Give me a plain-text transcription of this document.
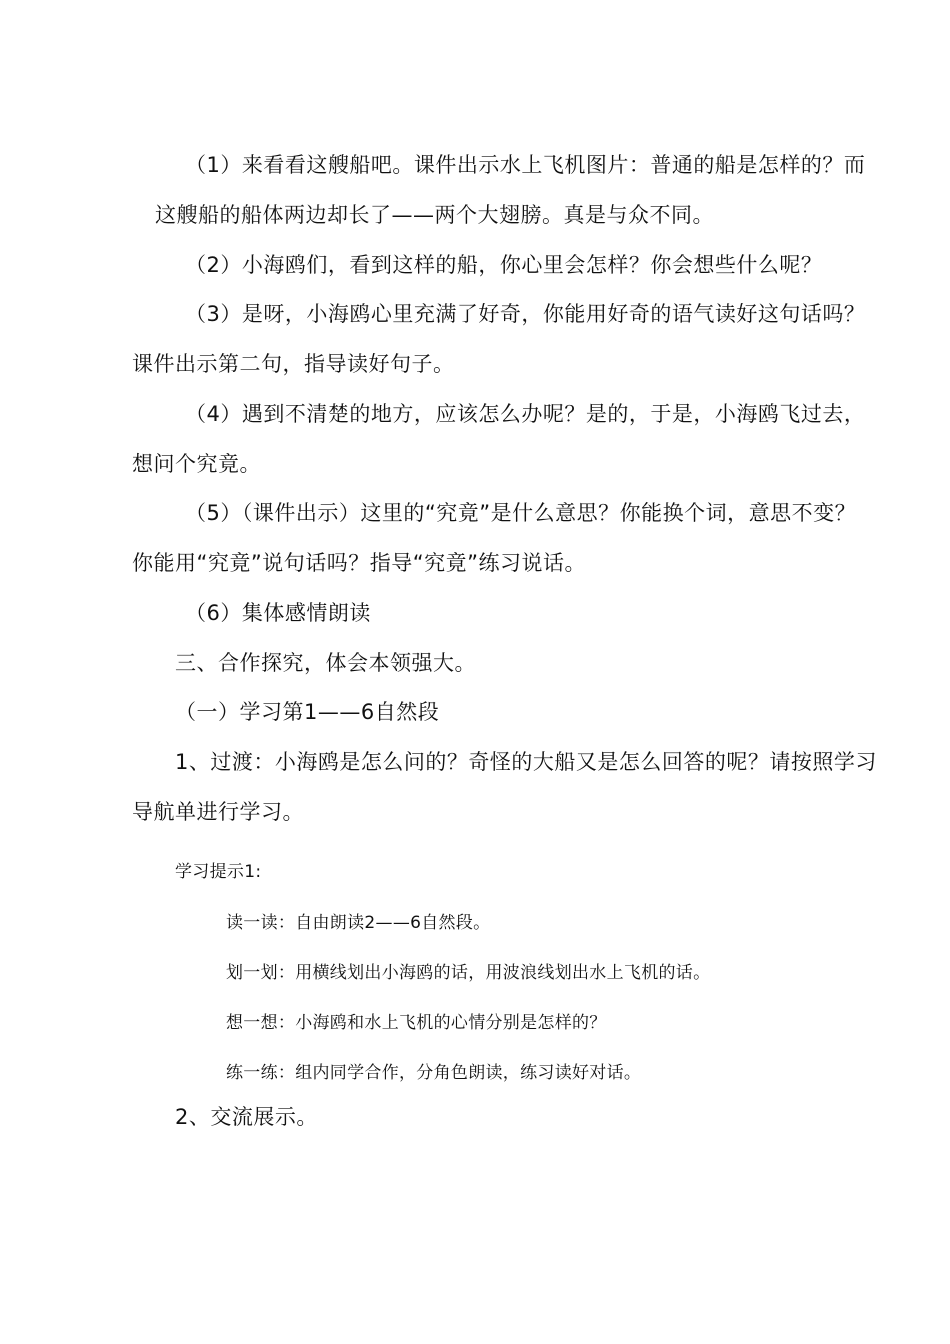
（1）来看看这艘船吧。课件出示水上飞机图片：普通的船是怎样的？而
这艘船的船体两边却长了——两个大翅膀。真是与众不同。
（2）小海鸥们，看到这样的船，你心里会怎样？你会想些什么呢？
（3）是呀，小海鸥心里充满了好奇，你能用好奇的语气读好这句话吗？
课件出示第二句，指导读好句子。
（4）遇到不清楚的地方，应该怎么办呢？是的，于是，小海鸥飞过去，
想问个究竟。
（5）（课件出示）这里的“究竟”是什么意思？你能换个词，意思不变？
你能用“究竟”说句话吗？指导“究竟”练习说话。
（6）集体感情朗读
三、合作探究，体会本领强大。
（一）学习第1——6自然段
1、过渡：小海鸥是怎么问的？奇怪的大船又是怎么回答的呢？请按照学习
导航单进行学习。
学习提示1:
读一读：自由朗读2——6自然段。
划一划：用横线划出小海鸥的话，用波浪线划出水上飞机的话。
想一想：小海鸥和水上飞机的心情分别是怎样的？
练一练：组内同学合作，分角色朗读，练习读好对话。
2、交流展示。
